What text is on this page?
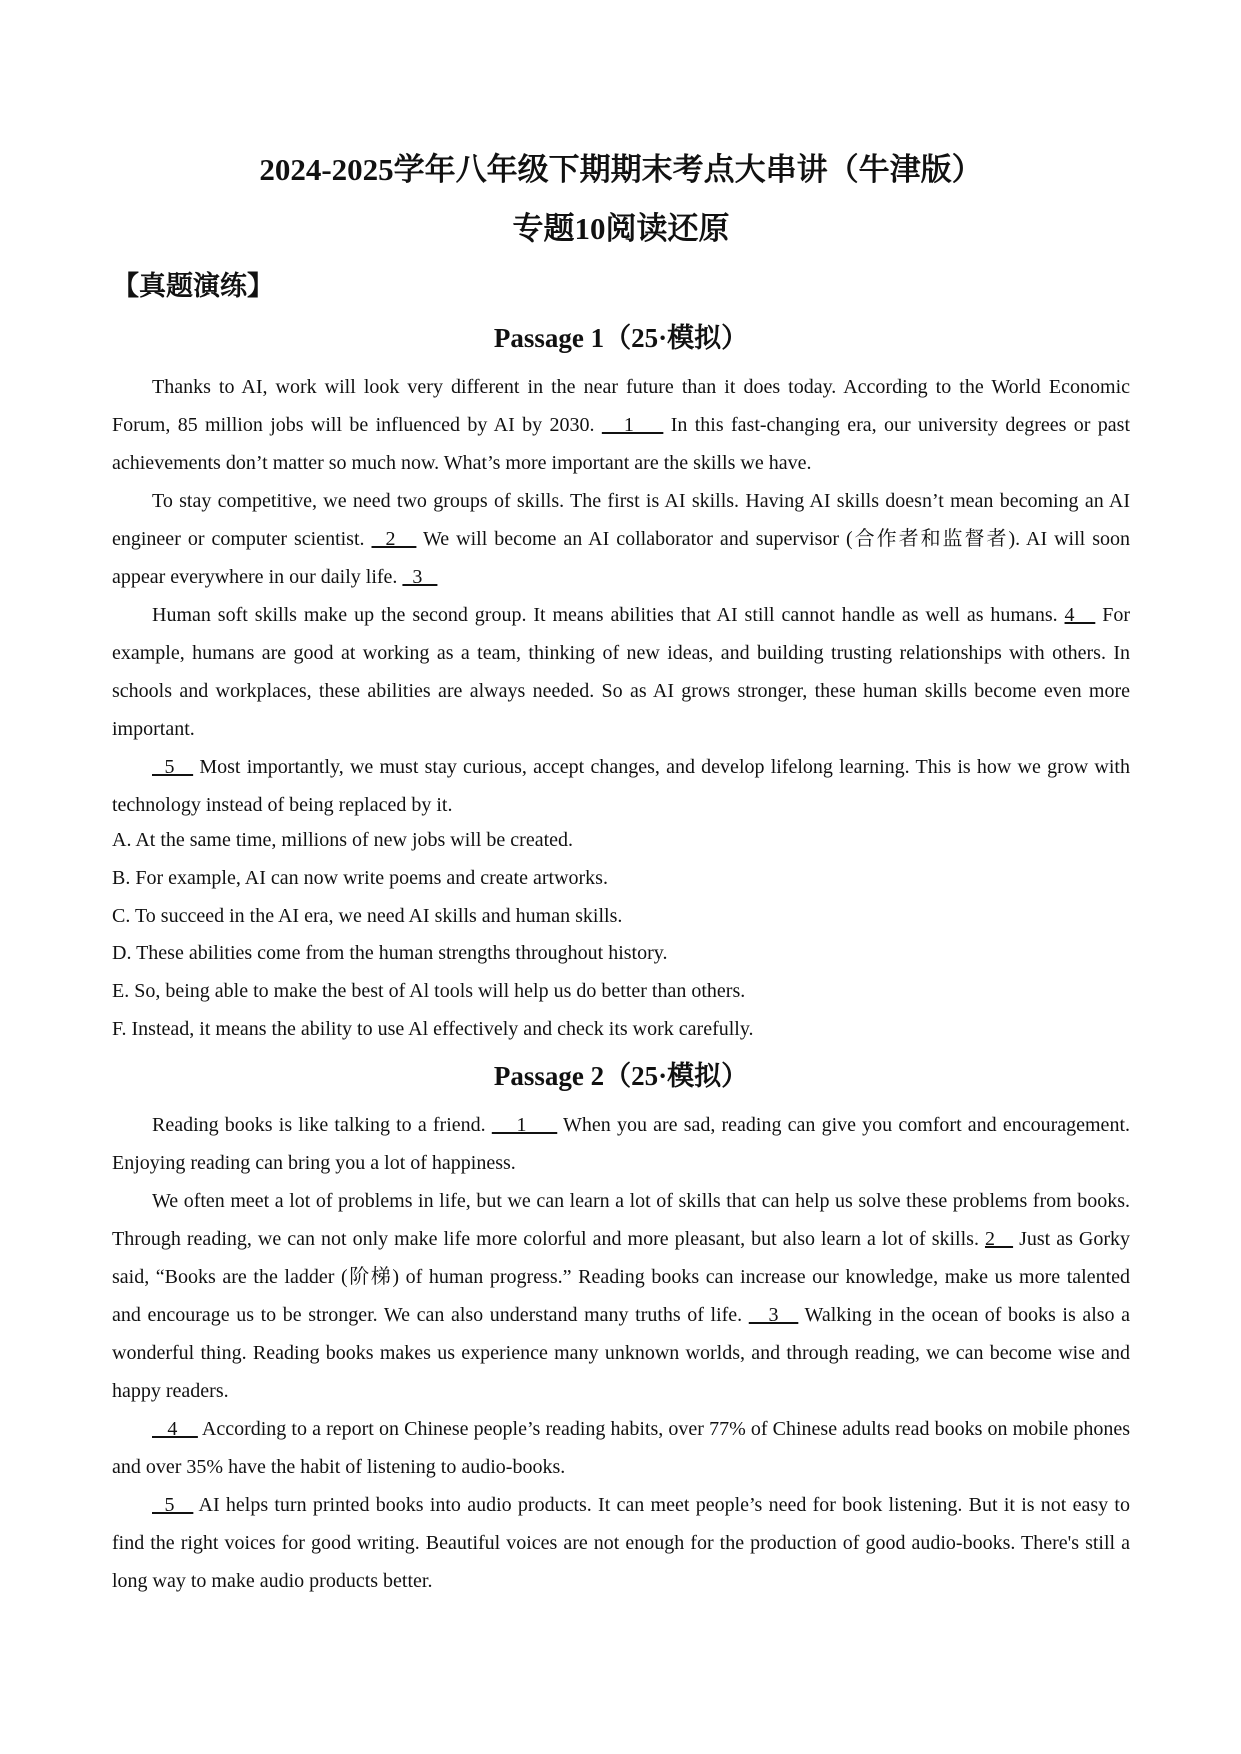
2024-2025学年八年级下期期末考点大串讲（牛津版）
专题10阅读还原
【真题演练】
Passage 1（25·模拟）

Thanks to AI, work will look very different in the near future than it does today. According to the World Economic Forum, 85 million jobs will be influenced by AI by 2030.    1     In this fast-changing era, our university degrees or past achievements don’t matter so much now. What’s more important are the skills we have.

To stay competitive, we need two groups of skills. The first is AI skills. Having AI skills doesn’t mean becoming an AI engineer or computer scientist.   2    We will become an AI collaborator and supervisor (合作者和监督者). AI will soon appear everywhere in our daily life.   3

Human soft skills make up the second group. It means abilities that AI still cannot handle as well as humans. 4    For example, humans are good at working as a team, thinking of new ideas, and building trusting relationships with others. In schools and workplaces, these abilities are always needed. So as AI grows stronger, these human skills become even more important.

5    Most importantly, we must stay curious, accept changes, and develop lifelong learning. This is how we grow with technology instead of being replaced by it.

A. At the same time, millions of new jobs will be created.

B. For example, AI can now write poems and create artworks.

C. To succeed in the AI era, we need AI skills and human skills.

D. These abilities come from the human strengths throughout history.

E. So, being able to make the best of Al tools will help us do better than others.

F. Instead, it means the ability to use Al effectively and check its work carefully.

Passage 2（25·模拟）

Reading books is like talking to a friend.     1      When you are sad, reading can give you comfort and encouragement. Enjoying reading can bring you a lot of happiness.

We often meet a lot of problems in life, but we can learn a lot of skills that can help us solve these problems from books. Through reading, we can not only make life more colorful and more pleasant, but also learn a lot of skills. 2    Just as Gorky said, “Books are the ladder (阶梯) of human progress.” Reading books can increase our knowledge, make us more talented and encourage us to be stronger. We can also understand many truths of life.    3    Walking in the ocean of books is also a wonderful thing. Reading books makes us experience many unknown worlds, and through reading, we can become wise and happy readers.

4     According to a report on Chinese people’s reading habits, over 77% of Chinese adults read books on mobile phones and over 35% have the habit of listening to audio-books.

5    AI helps turn printed books into audio products. It can meet people’s need for book listening. But it is not easy to find the right voices for good writing. Beautiful voices are not enough for the production of good audio-books. There's still a long way to make audio products better.
